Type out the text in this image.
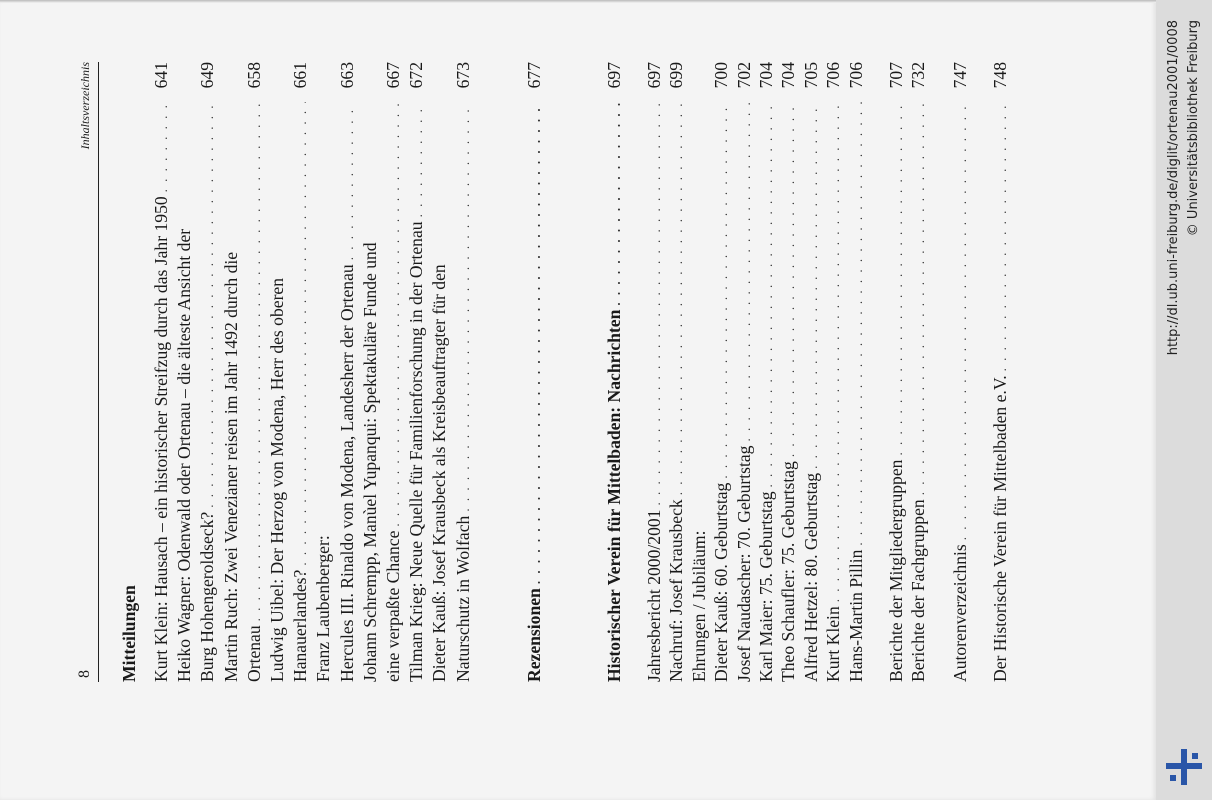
8
Inhaltsverzeichnis
Mitteilungen Kurt Klein: Hausach – ein historischer Streifzug durch das Jahr 1950
. . .
641
Heiko Wagner: Odenwald oder Ortenau – die älteste Ansicht der Burg Hohengeroldseck?
. . .
649
Martin Ruch: Zwei Venezianer reisen im Jahr 1492 durch die Ortenau
. . .
658
Ludwig Uibel: Der Herzog von Modena, Herr des oberen Hanauerlandes?
. . .
661
Franz Laubenberger: Hercules III. Rinaldo von Modena, Landesherr der Ortenau
. . .
663
Johann Schrempp, Manùel Yupanqui: Spektakuläre Funde und eine verpaßte Chance
. . .
667
Tilman Krieg: Neue Quelle für Familienforschung in der Ortenau
. . .
672
Dieter Kauß: Josef Krausbeck als Kreisbeauftragter für den Naturschutz in Wolfach
. . .
673
Rezensionen
. . .
677
Historischer Verein für Mittelbaden: Nachrichten
. . .
697
Jahresbericht 2000/2001
. . .
697
Nachruf: Josef Krausbeck
. . .
699
Ehrungen / Jubiläum: Dieter Kauß: 60. Geburtstag
. . .
700
Josef Naudascher: 70. Geburtstag
. . .
702
Karl Maier: 75. Geburtstag
. . .
704
Theo Schaufler: 75. Geburtstag
. . .
704
Alfred Hetzel: 80. Geburtstag
. . .
705
Kurt Klein
. . .
706
Hans-Martin Pillin
. . .
706
Berichte der Mitgliedergruppen
. . .
707
Berichte der Fachgruppen
. . .
732
Autorenverzeichnis
. . .
747
Der Historische Verein für Mittelbaden e.V.
. . .
748	http://dl.ub.uni-freiburg.de/diglit/ortenau2001/0008 © Universitätsbibliothek Freiburg
